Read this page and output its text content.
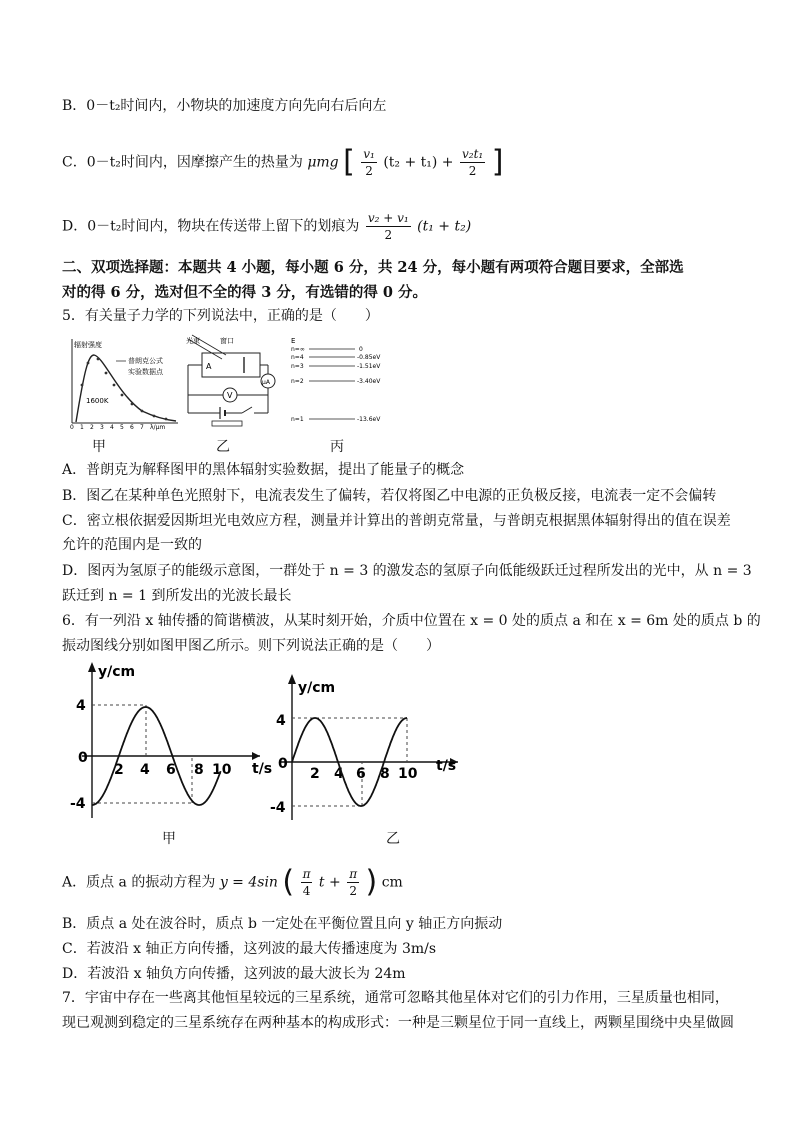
B．0－t₂时间内，小物块的加速度方向先向右后向左
C．0－t₂时间内，因摩擦产生的热量为 μmg [ $\frac{\text{v₁}}{2} (t_2 + t_1) + \frac{\text{v₂t₁}}{2}$ ]
D．0－t₂时间内，物块在传送带上留下的划痕为 $\frac{\text{v₂ + v₁}}{2} (t_1 + t_2)$
二、双项选择题：本题共 4 小题，每小题 6 分，共 24 分，每小题有两项符合题目要求，全部选
对的得 6 分，选对但不全的得 3 分，有选错的得 0 分。
5．有关量子力学的下列说法中，正确的是（　　）
辐射强度
普朗克公式
实验数据点
1600K
0 1 2 3 4 5 6 7 λ/μm
A
光束	窗口
μA
V
E
n=∞	0
n=4	-0.85eV
n=3	-1.51eV
n=2	-3.40eV
n=1	-13.6eV
甲	乙	丙
A．普朗克为解释图甲的黑体辐射实验数据，提出了能量子的概念
B．图乙在某种单色光照射下，电流表发生了偏转，若仅将图乙中电源的正负极反接，电流表一定不会偏转
C．密立根依据爱因斯坦光电效应方程，测量并计算出的普朗克常量，与普朗克根据黑体辐射得出的值在误差
允许的范围内是一致的
D．图丙为氢原子的能级示意图，一群处于 n = 3 的激发态的氢原子向低能级跃迁过程所发出的光中，从 n = 3
跃迁到 n = 1 到所发出的光波长最长
6．有一列沿 x 轴传播的简谐横波，从某时刻开始，介质中位置在 x = 0 处的质点 a 和在 x = 6m 处的质点 b 的
振动图线分别如图甲图乙所示。则下列说法正确的是（　　）
y/cm
t/s
4
-4
0
2 4 6 8 10
y/cm
t/s
4
-4
0
2 4 6 8 10
甲	乙
A．质点 a 的振动方程为 y = 4sin ( $\frac{\pi}{4}$ $t + \frac{\pi}{2}$ ) cm
B．质点 a 处在波谷时，质点 b 一定处在平衡位置且向 y 轴正方向振动
C．若波沿 x 轴正方向传播，这列波的最大传播速度为 3m/s
D．若波沿 x 轴负方向传播，这列波的最大波长为 24m
7．宇宙中存在一些离其他恒星较远的三星系统，通常可忽略其他星体对它们的引力作用，三星质量也相同，
现已观测到稳定的三星系统存在两种基本的构成形式：一种是三颗星位于同一直线上，两颗星围绕中央星做圆
